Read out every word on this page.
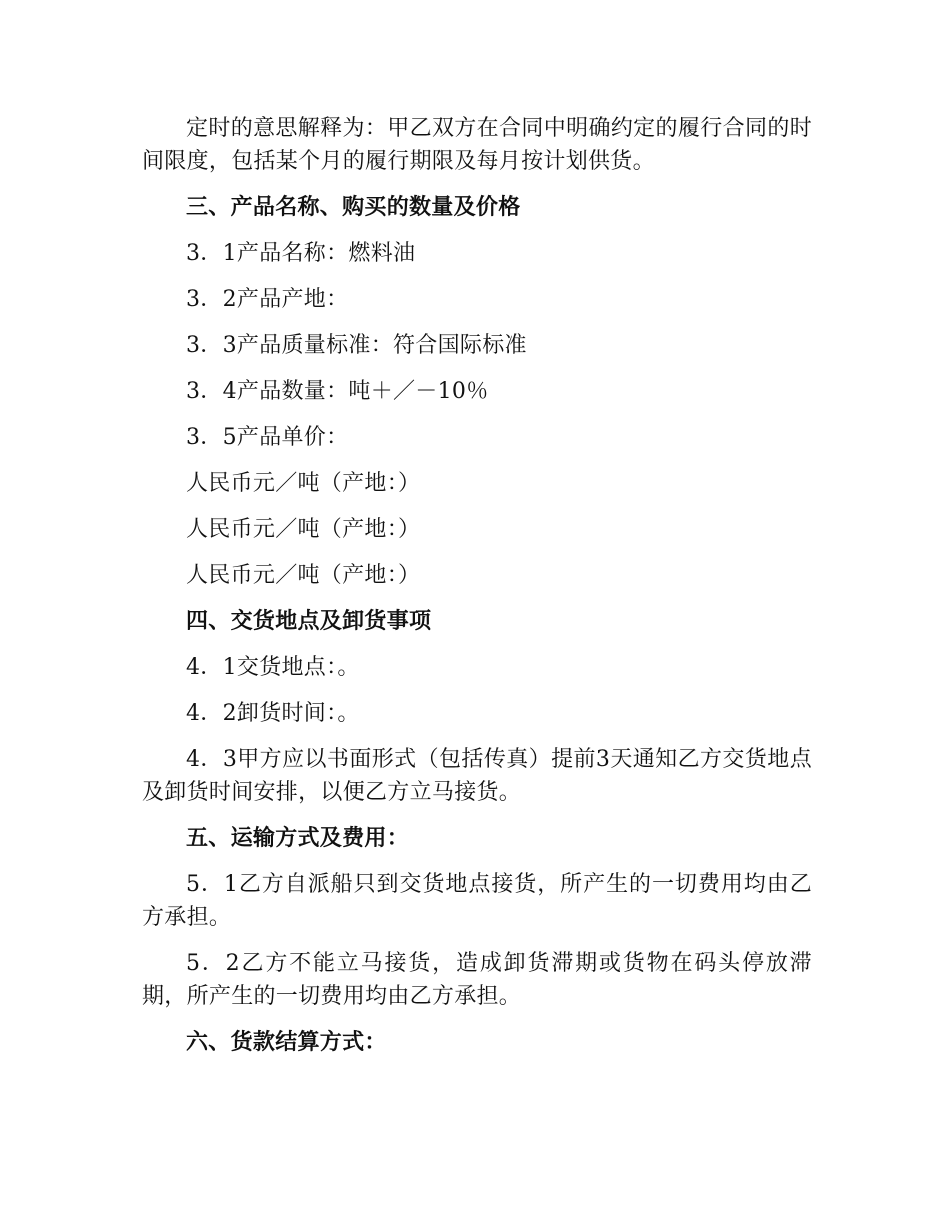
定时的意思解释为：甲乙双方在合同中明确约定的履行合同的时间限度，包括某个月的履行期限及每月按计划供货。

三、产品名称、购买的数量及价格

3．1产品名称：燃料油

3．2产品产地：

3．3产品质量标准：符合国际标准

3．4产品数量：吨＋／－10％

3．5产品单价：

人民币元／吨（产地：）

人民币元／吨（产地：）

人民币元／吨（产地：）

四、交货地点及卸货事项

4．1交货地点：。

4．2卸货时间：。

4．3甲方应以书面形式（包括传真）提前3天通知乙方交货地点及卸货时间安排，以便乙方立马接货。

五、运输方式及费用：

5．1乙方自派船只到交货地点接货，所产生的一切费用均由乙方承担。

5．2乙方不能立马接货，造成卸货滞期或货物在码头停放滞期，所产生的一切费用均由乙方承担。

六、货款结算方式：
